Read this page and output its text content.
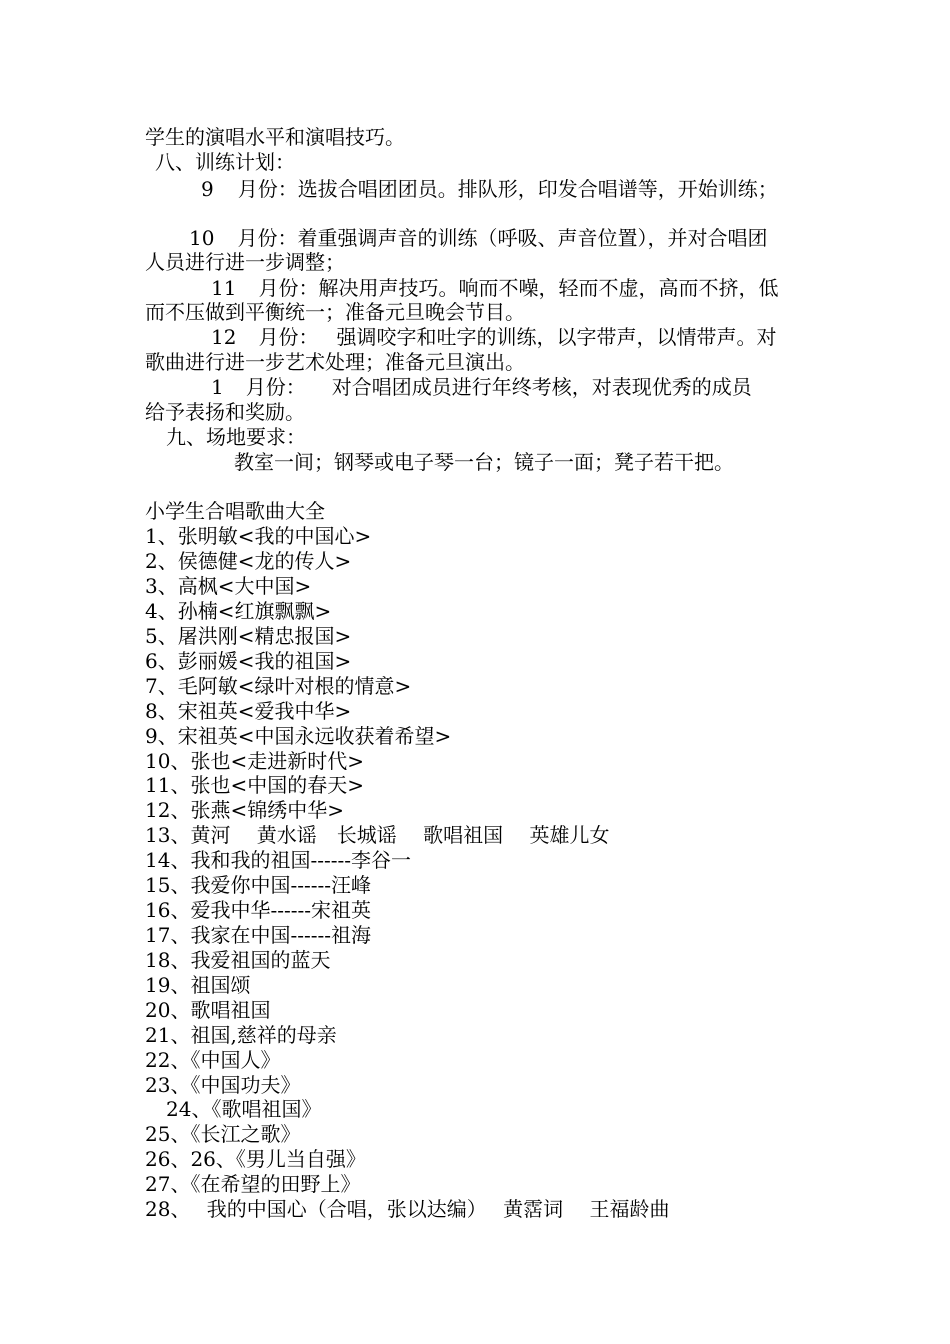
学生的演唱水平和演唱技巧。
八、训练计划：
9 月份：选拔合唱团团员。排队形，印发合唱谱等，开始训练；
10 月份：着重强调声音的训练（呼吸、声音位置），并对合唱团
人员进行进一步调整；
11 月份：解决用声技巧。响而不噪，轻而不虚，高而不挤，低
而不压做到平衡统一；准备元旦晚会节目。
12 月份： 强调咬字和吐字的训练，以字带声，以情带声。对
歌曲进行进一步艺术处理；准备元旦演出。
1 月份： 对合唱团成员进行年终考核，对表现优秀的成员
给予表扬和奖励。
九、场地要求：
教室一间；钢琴或电子琴一台；镜子一面；凳子若干把。
小学生合唱歌曲大全
1、张明敏<我的中国心>
2、侯德健<龙的传人>
3、高枫<大中国>
4、孙楠<红旗飘飘>
5、屠洪刚<精忠报国>
6、彭丽媛<我的祖国>
7、毛阿敏<绿叶对根的情意>
8、宋祖英<爱我中华>
9、宋祖英<中国永远收获着希望>
10、张也<走进新时代>
11、张也<中国的春天>
12、张燕<锦绣中华>
13、黄河　 黄水谣　长城谣　 歌唱祖国　 英雄儿女
14、我和我的祖国------李谷一
15、我爱你中国------汪峰
16、爱我中华------宋祖英
17、我家在中国------祖海
18、我爱祖国的蓝天
19、祖国颂
20、歌唱祖国
21、祖国,慈祥的母亲
22、《中国人》
23、《中国功夫》
24、《歌唱祖国》
25、《长江之歌》
26、26、《男儿当自强》
27、《在希望的田野上》
28、　 我的中国心（合唱，张以达编）　 黄霑词　 王福龄曲
